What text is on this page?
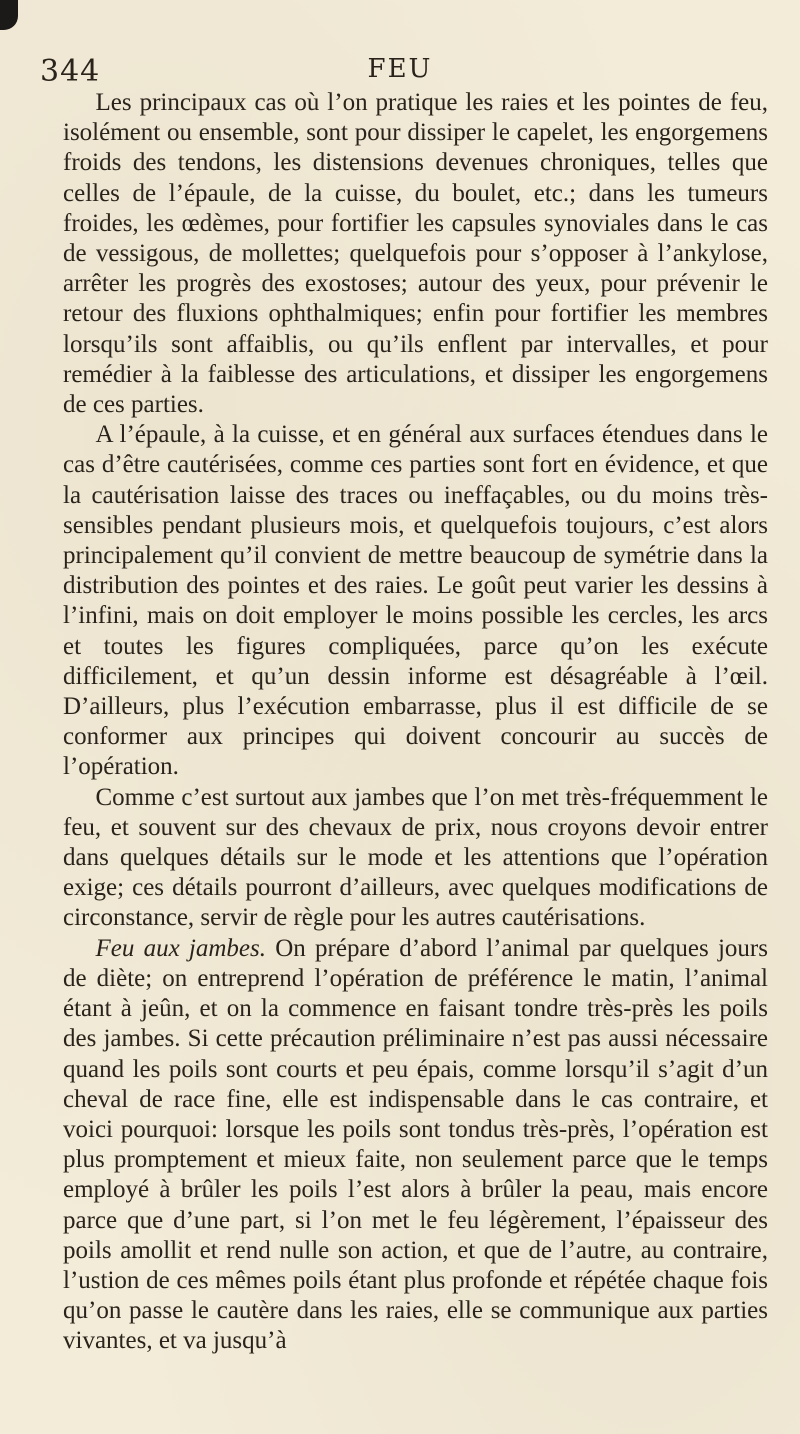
344	FEU

Les principaux cas où l’on pratique les raies et les pointes de feu, isolément ou ensemble, sont pour dissiper le capelet, les engorgemens froids des tendons, les distensions devenues chroniques, telles que celles de l’épaule, de la cuisse, du boulet, etc.; dans les tumeurs froides, les œdèmes, pour fortifier les capsules synoviales dans le cas de vessigous, de mollettes; quelquefois pour s’opposer à l’ankylose, arrêter les progrès des exostoses; autour des yeux, pour prévenir le retour des fluxions ophthalmiques; enfin pour fortifier les membres lorsqu’ils sont affaiblis, ou qu’ils enflent par intervalles, et pour remédier à la faiblesse des articulations, et dissiper les engorgemens de ces parties.

A l’épaule, à la cuisse, et en général aux surfaces étendues dans le cas d’être cautérisées, comme ces parties sont fort en évidence, et que la cautérisation laisse des traces ou ineffaçables, ou du moins très-sensibles pendant plusieurs mois, et quelquefois toujours, c’est alors principalement qu’il convient de mettre beaucoup de symétrie dans la distribution des pointes et des raies. Le goût peut varier les dessins à l’infini, mais on doit employer le moins possible les cercles, les arcs et toutes les figures compliquées, parce qu’on les exécute difficilement, et qu’un dessin informe est désagréable à l’œil. D’ailleurs, plus l’exécution embarrasse, plus il est difficile de se conformer aux principes qui doivent concourir au succès de l’opération.

Comme c’est surtout aux jambes que l’on met très-fréquemment le feu, et souvent sur des chevaux de prix, nous croyons devoir entrer dans quelques détails sur le mode et les attentions que l’opération exige; ces détails pourront d’ailleurs, avec quelques modifications de circonstance, servir de règle pour les autres cautérisations.

Feu aux jambes. On prépare d’abord l’animal par quelques jours de diète; on entreprend l’opération de préférence le matin, l’animal étant à jeûn, et on la commence en faisant tondre très-près les poils des jambes. Si cette précaution préliminaire n’est pas aussi nécessaire quand les poils sont courts et peu épais, comme lorsqu’il s’agit d’un cheval de race fine, elle est indispensable dans le cas contraire, et voici pourquoi: lorsque les poils sont tondus très-près, l’opération est plus promptement et mieux faite, non seulement parce que le temps employé à brûler les poils l’est alors à brûler la peau, mais encore parce que d’une part, si l’on met le feu légèrement, l’épaisseur des poils amollit et rend nulle son action, et que de l’autre, au contraire, l’ustion de ces mêmes poils étant plus profonde et répétée chaque fois qu’on passe le cautère dans les raies, elle se communique aux parties vivantes, et va jusqu’à
